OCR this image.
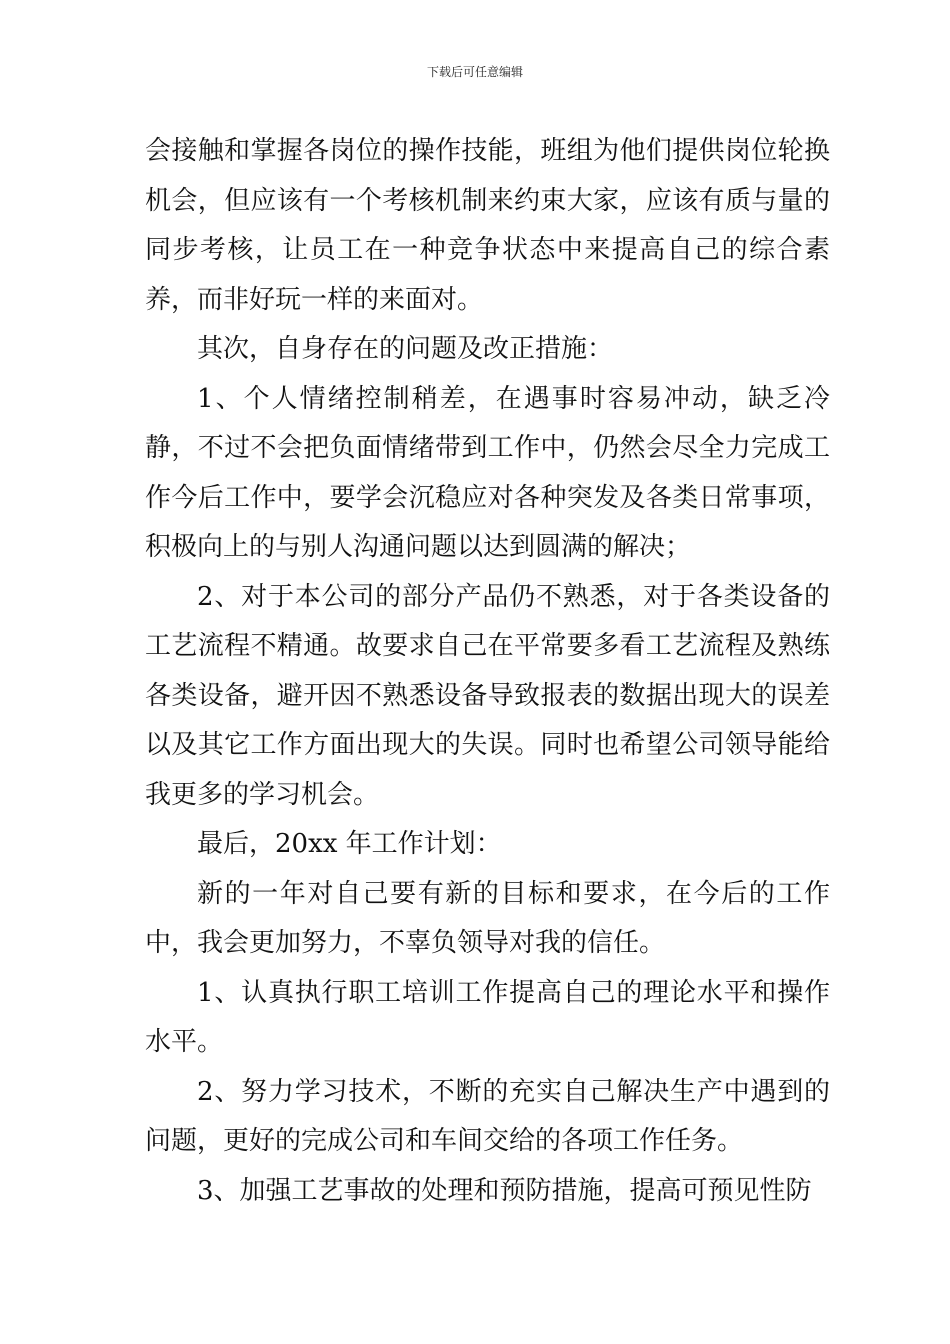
下载后可任意编辑

会接触和掌握各岗位的操作技能，班组为他们提供岗位轮换机会，但应该有一个考核机制来约束大家，应该有质与量的同步考核，让员工在一种竞争状态中来提高自己的综合素养，而非好玩一样的来面对。

其次，自身存在的问题及改正措施：

1、个人情绪控制稍差，在遇事时容易冲动，缺乏冷静，不过不会把负面情绪带到工作中，仍然会尽全力完成工作今后工作中，要学会沉稳应对各种突发及各类日常事项，积极向上的与别人沟通问题以达到圆满的解决；

2、对于本公司的部分产品仍不熟悉，对于各类设备的工艺流程不精通。故要求自己在平常要多看工艺流程及熟练各类设备，避开因不熟悉设备导致报表的数据出现大的误差以及其它工作方面出现大的失误。同时也希望公司领导能给我更多的学习机会。

最后，20xx 年工作计划：

新的一年对自己要有新的目标和要求，在今后的工作中，我会更加努力，不辜负领导对我的信任。

1、认真执行职工培训工作提高自己的理论水平和操作水平。

2、努力学习技术，不断的充实自己解决生产中遇到的问题，更好的完成公司和车间交给的各项工作任务。

3、加强工艺事故的处理和预防措施，提高可预见性防
